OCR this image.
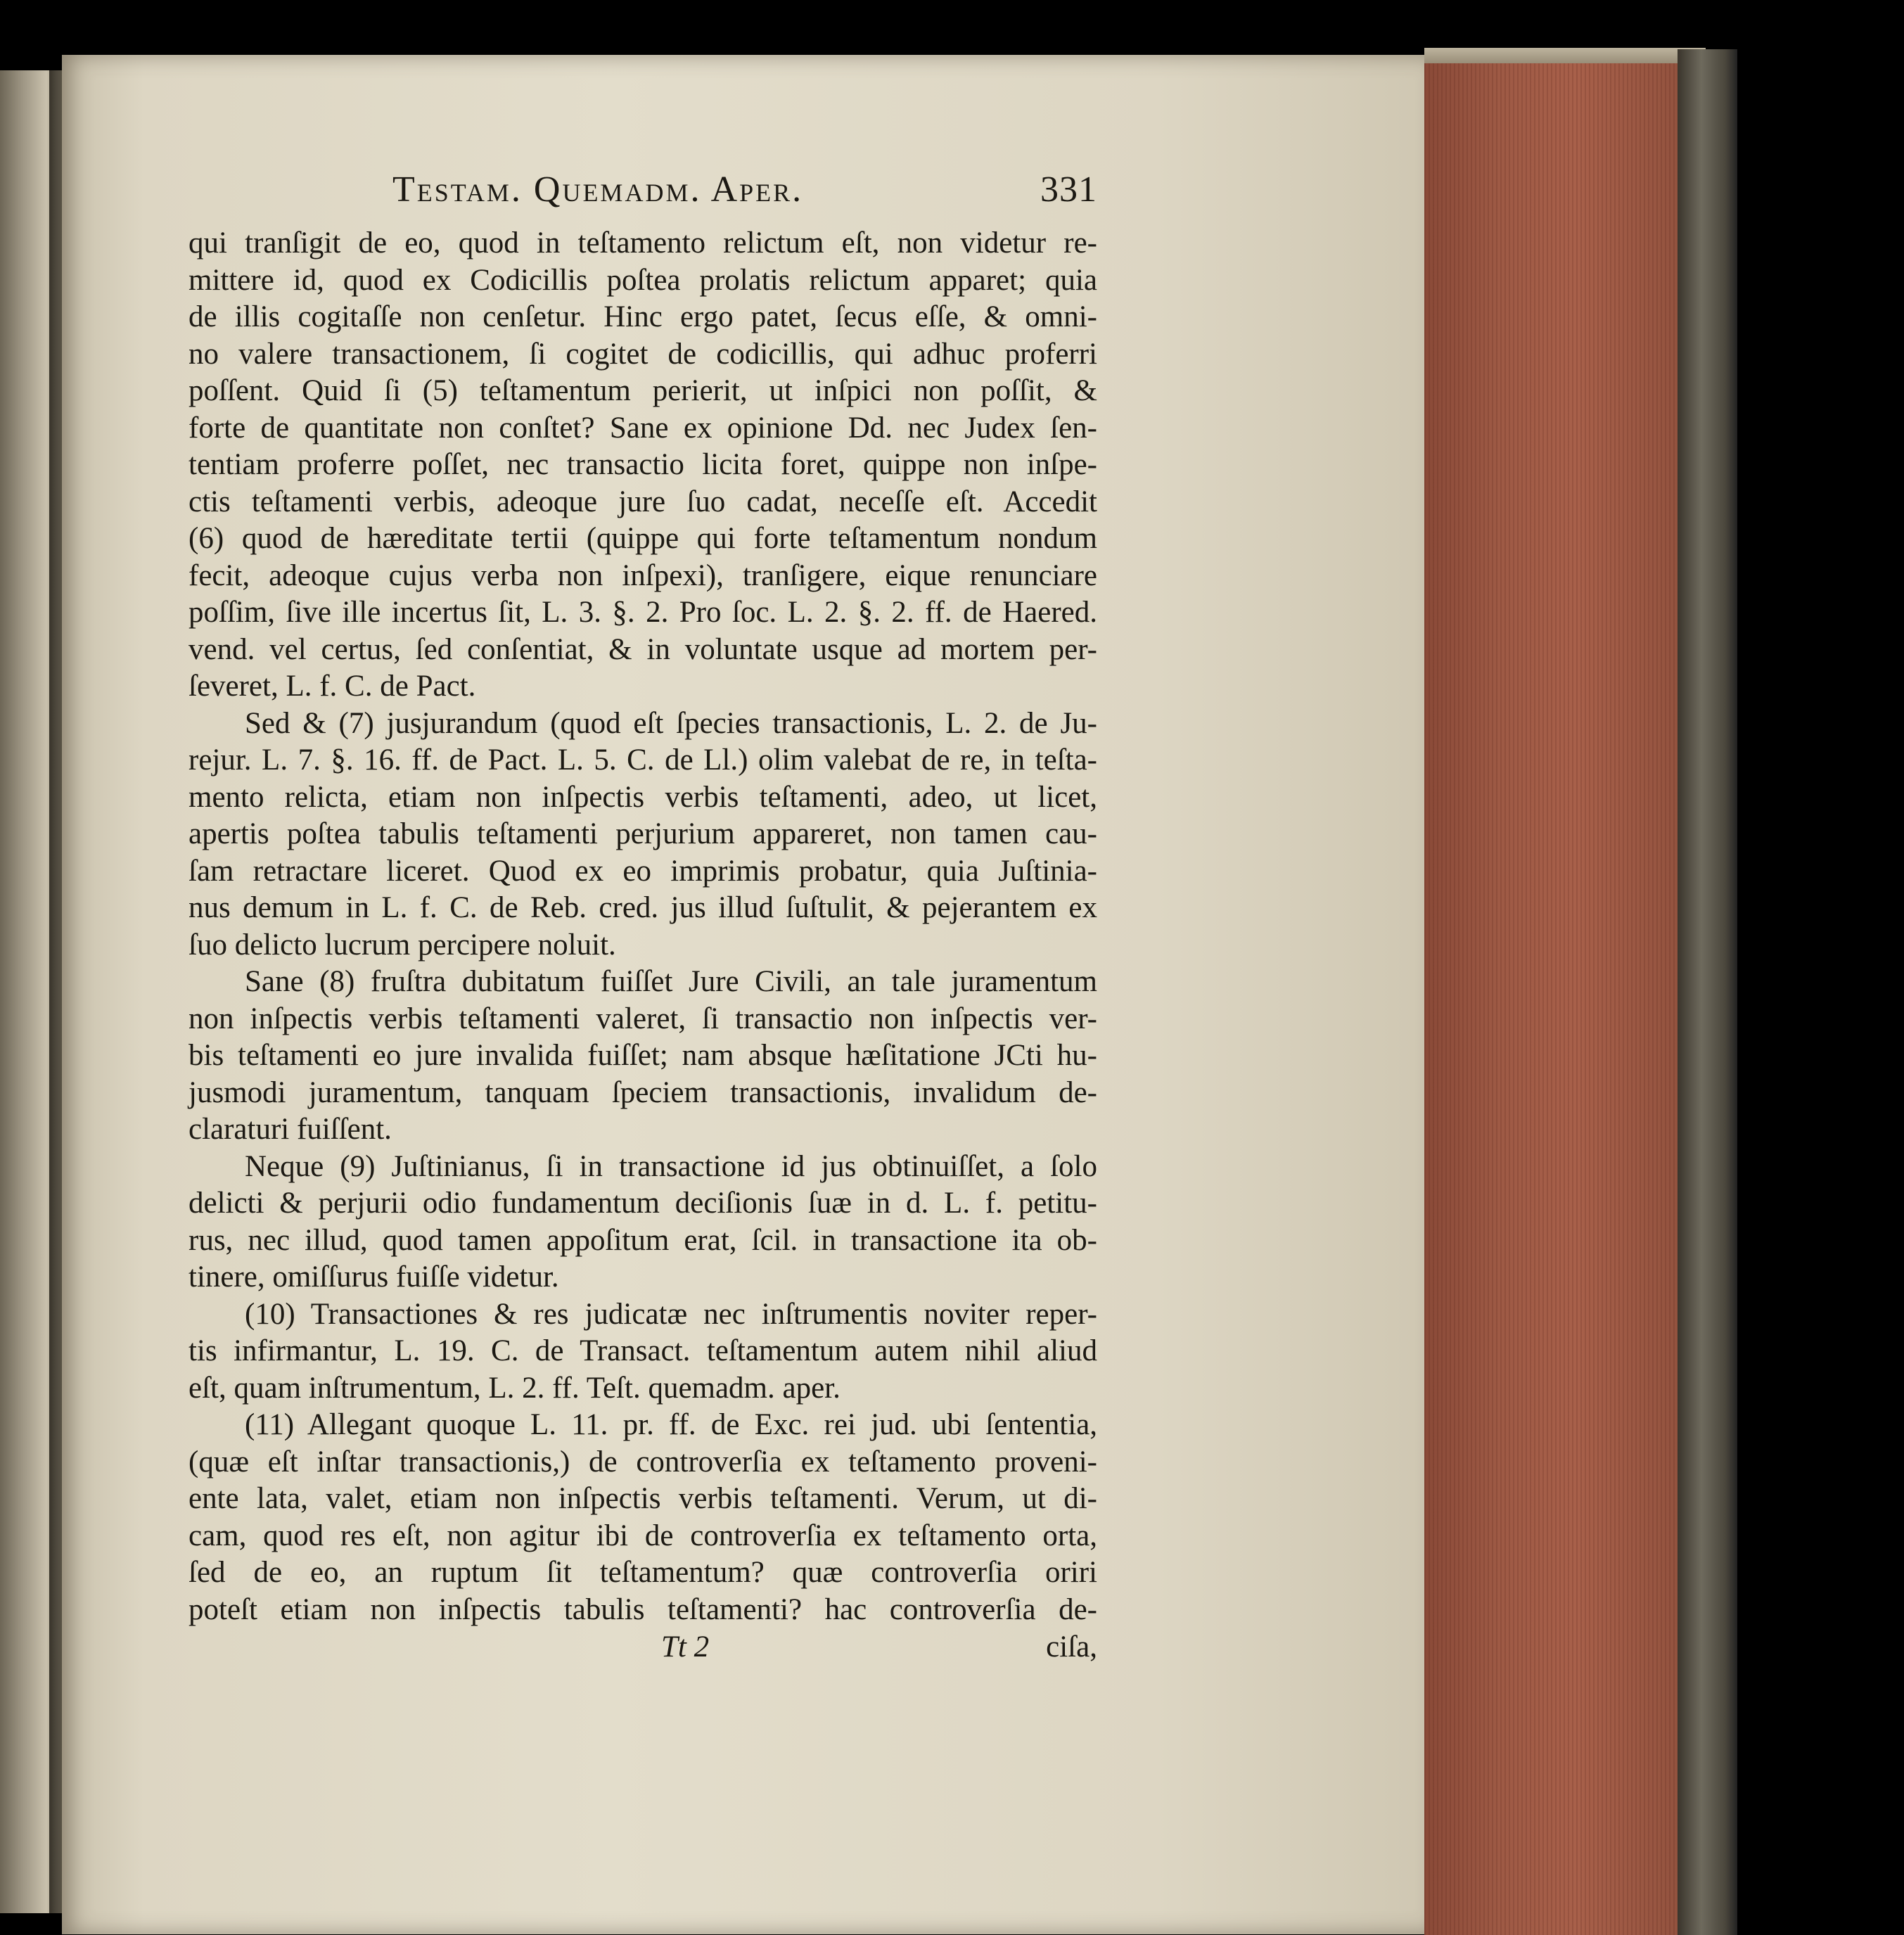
Testam. Quemadm. Aper.	331

qui tranſigit de eo, quod in teſtamento relictum eſt, non videtur re-
mittere id, quod ex Codicillis poſtea prolatis relictum apparet; quia
de illis cogitaſſe non cenſetur. Hinc ergo patet, ſecus eſſe, & omni-
no valere transactionem, ſi cogitet de codicillis, qui adhuc proferri
poſſent. Quid ſi (5) teſtamentum perierit, ut inſpici non poſſit, &
forte de quantitate non conſtet? Sane ex opinione Dd. nec Judex ſen-
tentiam proferre poſſet, nec transactio licita foret, quippe non inſpe-
ctis teſtamenti verbis, adeoque jure ſuo cadat, neceſſe eſt. Accedit
(6) quod de hæreditate tertii (quippe qui forte teſtamentum nondum
fecit, adeoque cujus verba non inſpexi), tranſigere, eique renunciare
poſſim, ſive ille incertus ſit, L. 3. §. 2. Pro ſoc. L. 2. §. 2. ff. de Haered.
vend. vel certus, ſed conſentiat, & in voluntate usque ad mortem per-
ſeveret, L. f. C. de Pact.

Sed & (7) jusjurandum (quod eſt ſpecies transactionis, L. 2. de Ju-
rejur. L. 7. §. 16. ff. de Pact. L. 5. C. de Ll.) olim valebat de re, in teſta-
mento relicta, etiam non inſpectis verbis teſtamenti, adeo, ut licet,
apertis poſtea tabulis teſtamenti perjurium appareret, non tamen cau-
ſam retractare liceret. Quod ex eo imprimis probatur, quia Juſtinia-
nus demum in L. f. C. de Reb. cred. jus illud ſuſtulit, & pejerantem ex
ſuo delicto lucrum percipere noluit.

Sane (8) fruſtra dubitatum fuiſſet Jure Civili, an tale juramentum
non inſpectis verbis teſtamenti valeret, ſi transactio non inſpectis ver-
bis teſtamenti eo jure invalida fuiſſet; nam absque hæſitatione JCti hu-
jusmodi juramentum, tanquam ſpeciem transactionis, invalidum de-
claraturi fuiſſent.

Neque (9) Juſtinianus, ſi in transactione id jus obtinuiſſet, a ſolo
delicti & perjurii odio fundamentum deciſionis ſuæ in d. L. f. petitu-
rus, nec illud, quod tamen appoſitum erat, ſcil. in transactione ita ob-
tinere, omiſſurus fuiſſe videtur.

(10) Transactiones & res judicatæ nec inſtrumentis noviter reper-
tis infirmantur, L. 19. C. de Transact. teſtamentum autem nihil aliud
eſt, quam inſtrumentum, L. 2. ff. Teſt. quemadm. aper.

(11) Allegant quoque L. 11. pr. ff. de Exc. rei jud. ubi ſententia,
(quæ eſt inſtar transactionis,) de controverſia ex teſtamento proveni-
ente lata, valet, etiam non inſpectis verbis teſtamenti. Verum, ut di-
cam, quod res eſt, non agitur ibi de controverſia ex teſtamento orta,
ſed de eo, an ruptum ſit teſtamentum? quæ controverſia oriri
poteſt etiam non inſpectis tabulis teſtamenti? hac controverſia de-

Tt 2	ciſa,
